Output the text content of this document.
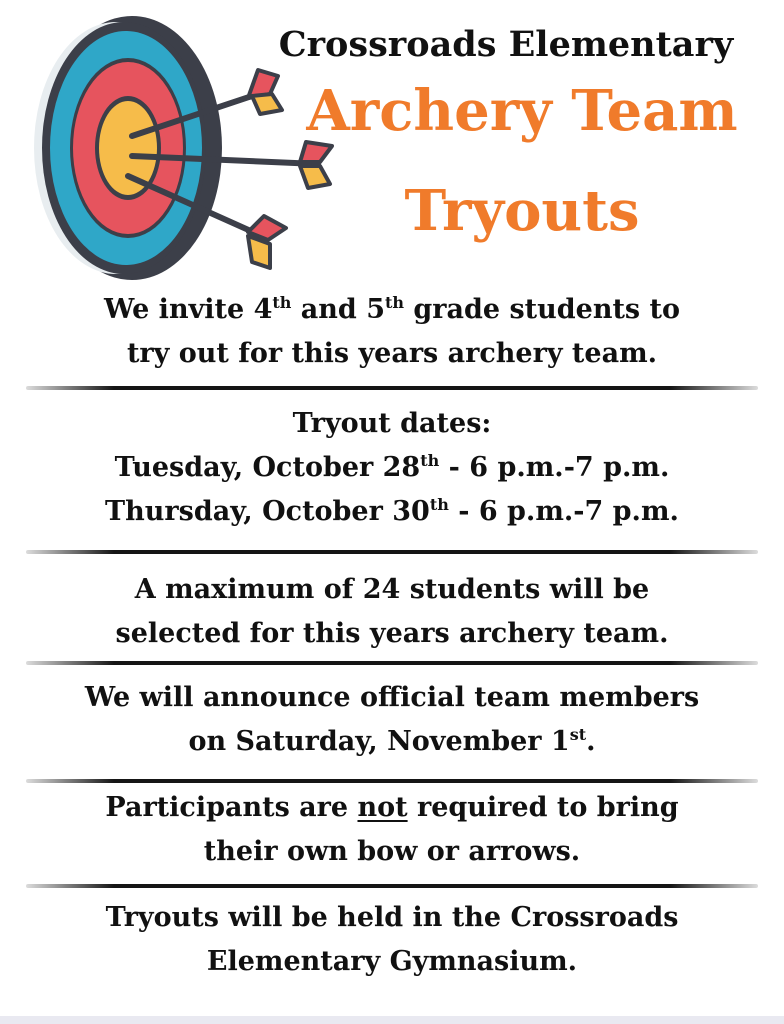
Crossroads Elementary
Archery Team
Tryouts

We invite 4th and 5th grade students to

try out for this years archery team.

Tryout dates:

Tuesday, October 28th - 6 p.m.-7 p.m.

Thursday, October 30th - 6 p.m.-7 p.m.

A maximum of 24 students will be

selected for this years archery team.

We will announce official team members

on Saturday, November 1st.

Participants are not required to bring

their own bow or arrows.

Tryouts will be held in the Crossroads

Elementary Gymnasium.
